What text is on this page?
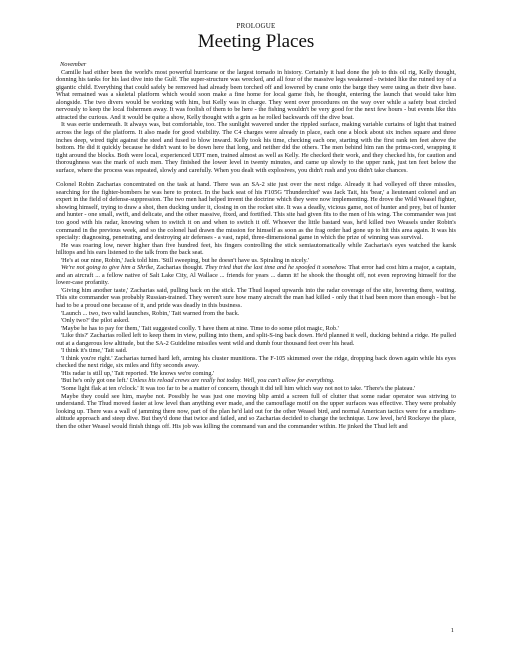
PROLOGUE

Meeting Places

November

Camille had either been the world's most powerful hurricane or the largest tornado in history. Certainly it had done the job to this oil rig, Kelly thought, donning his tanks for his last dive into the Gulf. The super-structure was wrecked, and all four of the massive legs weakened - twisted like the ruined toy of a gigantic child. Everything that could safely be removed had already been torched off and lowered by crane onto the barge they were using as their dive base. What remained was a skeletal platform which would soon make a fine home for local game fish, he thought, entering the launch that would take him alongside. The two divers would be working with him, but Kelly was in charge. They went over procedures on the way over while a safety boat circled nervously to keep the local fishermen away. It was foolish of them to be here - the fishing wouldn't be very good for the next few hours - but events like this attracted the curious. And it would be quite a show, Kelly thought with a grin as he rolled backwards off the dive boat.

It was eerie underneath. It always was, but comfortable, too. The sunlight wavered under the rippled surface, making variable curtains of light that trained across the legs of the platform. It also made for good visibility. The C4 charges were already in place, each one a block about six inches square and three inches deep, wired tight against the steel and fused to blow inward. Kelly took his time, checking each one, starting with the first rank ten feet above the bottom. He did it quickly because he didn't want to be down here that long, and neither did the others. The men behind him ran the prima-cord, wrapping it tight around the blocks. Both were local, experienced UDT men, trained almost as well as Kelly. He checked their work, and they checked his, for caution and thoroughness was the mark of such men. They finished the lower level in twenty minutes, and came up slowly to the upper rank, just ten feet below the surface, where the process was repeated, slowly and carefully. When you dealt with explosives, you didn't rush and you didn't take chances.

Colonel Robin Zacharias concentrated on the task at hand. There was an SA-2 site just over the next ridge. Already it had volleyed off three missiles, searching for the fighter-bombers he was here to protect. In the back seat of his F105G 'Thunderchief' was Jack Tait, his 'bear,' a lieutenant colonel and an expert in the field of defense-suppression. The two men had helped invent the doctrine which they were now implementing. He drove the Wild Weasel fighter, showing himself, trying to draw a shot, then ducking under it, closing in on the rocket site. It was a deadly, vicious game, not of hunter and prey, but of hunter and hunter - one small, swift, and delicate, and the other massive, fixed, and fortified. This site had given fits to the men of his wing. The commander was just too good with his radar, knowing when to switch it on and when to switch it off. Whoever the little bastard was, he'd killed two Weasels under Robin's command in the previous week, and so the colonel had drawn the mission for himself as soon as the frag order had gone up to hit this area again. It was his specialty: diagnosing, penetrating, and destroying air defenses - a vast, rapid, three-dimensional game in which the prize of winning was survival.

He was roaring low, never higher than five hundred feet, his fingers controlling the stick semiautomatically while Zacharias's eyes watched the karsk hilltops and his ears listened to the talk from the back seat.

'He's at our nine, Robin,' Jack told him. 'Still sweeping, but he doesn't have us. Spiraling in nicely.'

We're not going to give him a Shrike, Zacharias thought. They tried that the last time and he spoofed it somehow. That error had cost him a major, a captain, and an aircraft ... a fellow native of Salt Lake City, Al Wallace ... friends for years ... damn it! he shook the thought off, not even reproving himself for the lower-case profanity.

'Giving him another taste,' Zacharias said, pulling back on the stick. The Thud leaped upwards into the radar coverage of the site, hovering there, waiting. This site commander was probably Russian-trained. They weren't sure how many aircraft the man had killed - only that it had been more than enough - but he had to be a proud one because of it, and pride was deadly in this business.

'Launch ... two, two valid launches, Robin,' Tait warned from the back.

'Only two?' the pilot asked.

'Maybe he has to pay for them,' Tait suggested coolly. 'I have them at nine. Time to do some pilot magic, Rob.'

'Like this?' Zacharias rolled left to keep them in view, pulling into them, and split-S-ing back down. He'd planned it well, ducking behind a ridge. He pulled out at a dangerous low altitude, but the SA-2 Guideline missiles went wild and dumb four thousand feet over his head.

'I think it's time,' Tait said.

'I think you're right.' Zacharias turned hard left, arming his cluster munitions. The F-105 skimmed over the ridge, dropping back down again while his eyes checked the next ridge, six miles and fifty seconds away.

'His radar is still up,' Tait reported. 'He knows we're coming.'

'But he's only got one left.' Unless his reload crews are really hot today. Well, you can't allow for everything.

'Some light flak at ten o'clock.' It was too far to be a matter of concern, though it did tell him which way not not to take. 'There's the plateau.'

Maybe they could see him, maybe not. Possibly he was just one moving blip amid a screen full of clutter that some radar operator was striving to understand. The Thud moved faster at low level than anything ever made, and the camouflage motif on the upper surfaces was effective. They were probably looking up. There was a wall of jamming there now, part of the plan he'd laid out for the other Weasel bird, and normal American tactics were for a medium-altitude approach and steep dive. But they'd done that twice and failed, and so Zacharias decided to change the technique. Low level, he'd Rockeye the place, then the other Weasel would finish things off. His job was killing the command van and the commander within. He jinked the Thud left and

1
